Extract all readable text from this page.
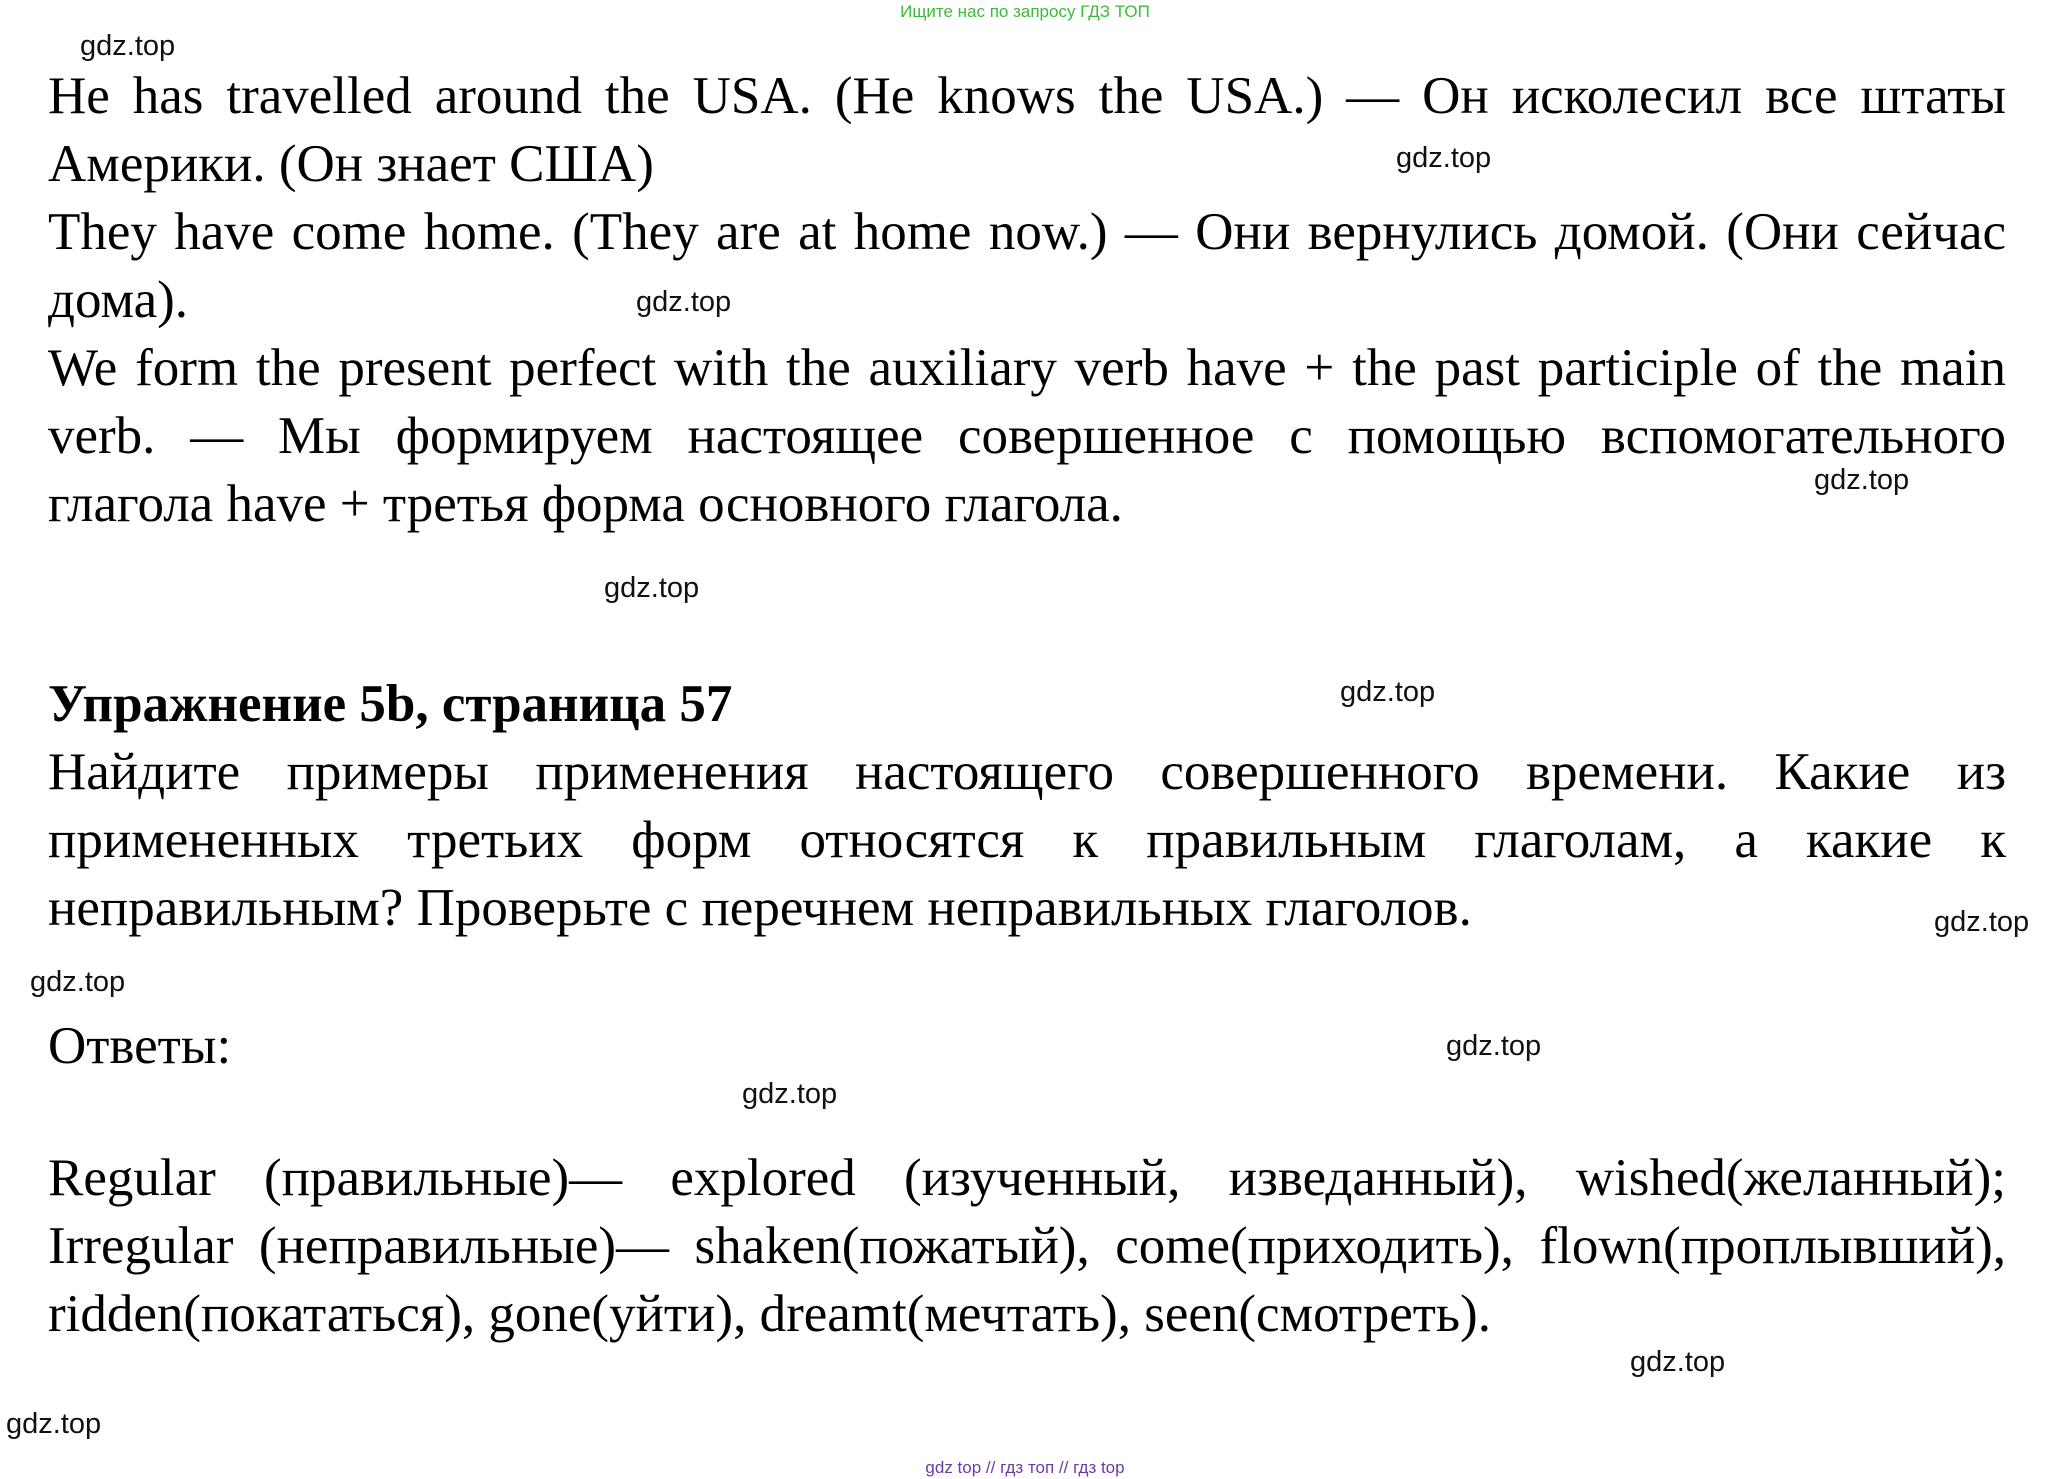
Ищите нас по запросу ГДЗ ТОП

He has travelled around the USA. (He knows the USA.) — Он исколесил все штаты Америки. (Он знает США)

They have come home. (They are at home now.) — Они вернулись домой. (Они сейчас дома).

We form the present perfect with the auxiliary verb have + the past participle of the main verb. — Мы формируем настоящее совершенное с помощью вспомогательного глагола have + третья форма основного глагола.

Упражнение 5b, страница 57

Найдите примеры применения настоящего совершенного времени. Какие из примененных третьих форм относятся к правильным глаголам, а какие к неправильным? Проверьте с перечнем неправильных глаголов.

Ответы:

Regular (правильные)— explored (изученный, изведанный), wished(желанный); Irregular (неправильные)— shaken(пожатый), come(приходить), flown(проплывший), ridden(покататься), gone(уйти), dreamt(мечтать), seen(смотреть).

gdz.top
gdz.top
gdz.top
gdz.top
gdz.top
gdz.top
gdz.top
gdz.top
gdz.top
gdz.top
gdz.top
gdz.top
gdz top // гдз топ // гдз top
